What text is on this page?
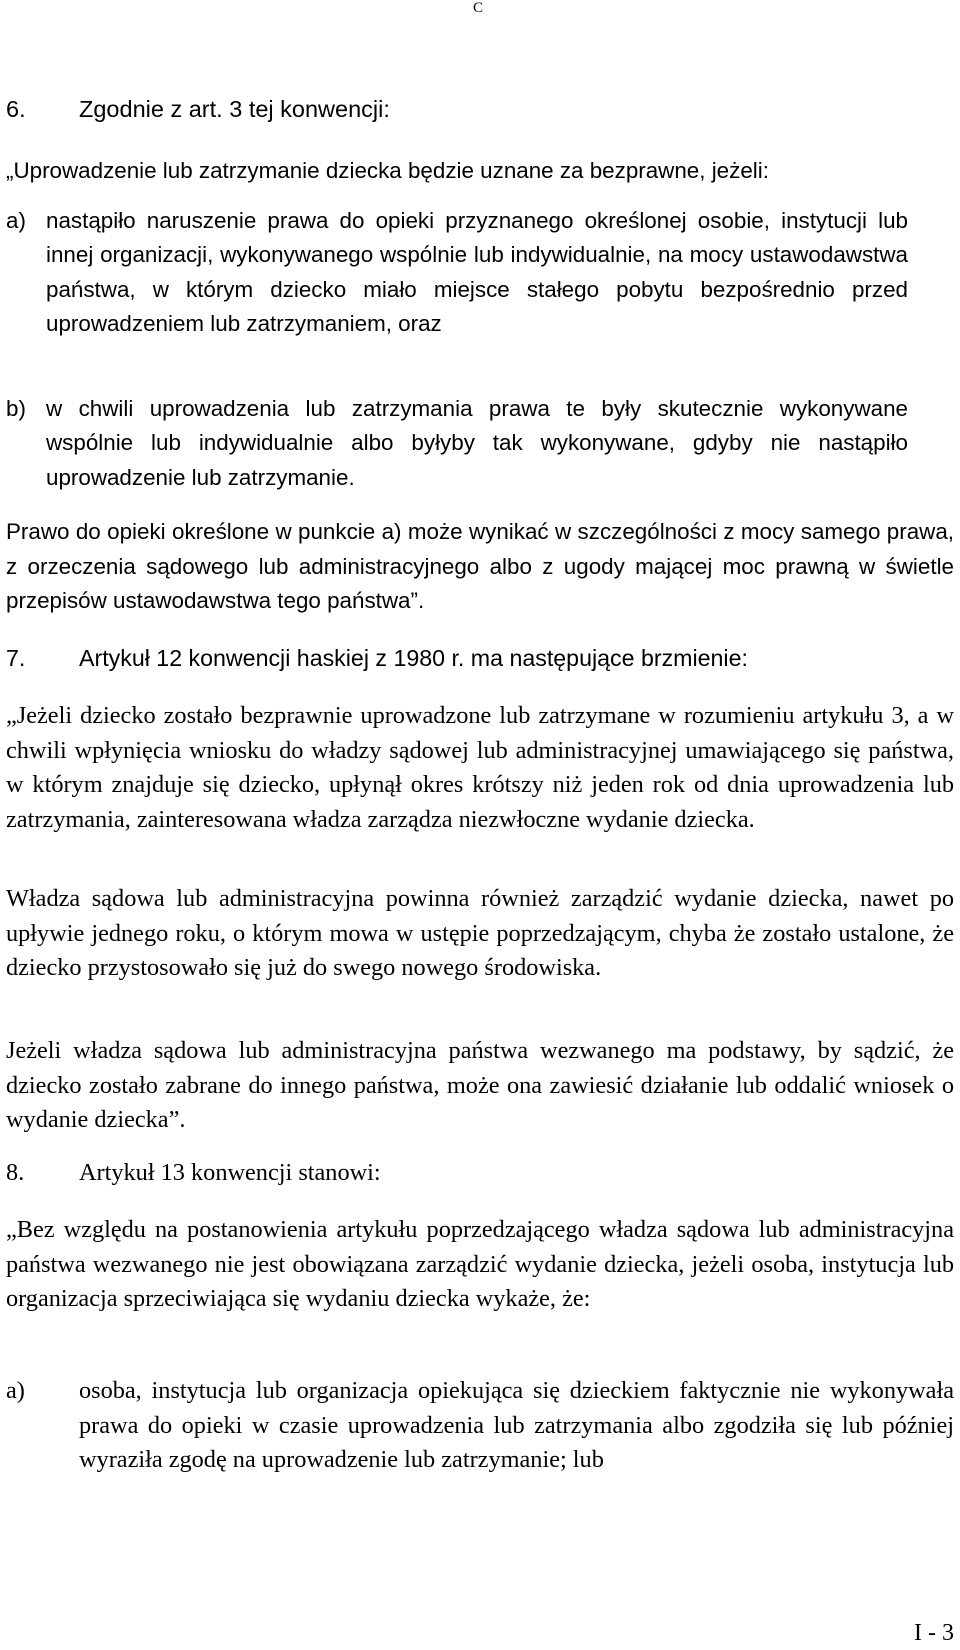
C
6. Zgodnie z art. 3 tej konwencji:
„Uprowadzenie lub zatrzymanie dziecka będzie uznane za bezprawne, jeżeli:
a) nastąpiło naruszenie prawa do opieki przyznanego określonej osobie, instytucji lub innej organizacji, wykonywanego wspólnie lub indywidualnie, na mocy ustawodawstwa państwa, w którym dziecko miało miejsce stałego pobytu bezpośrednio przed uprowadzeniem lub zatrzymaniem, oraz
b) w chwili uprowadzenia lub zatrzymania prawa te były skutecznie wykonywane wspólnie lub indywidualnie albo byłyby tak wykonywane, gdyby nie nastąpiło uprowadzenie lub zatrzymanie.
Prawo do opieki określone w punkcie a) może wynikać w szczególności z mocy samego prawa, z orzeczenia sądowego lub administracyjnego albo z ugody mającej moc prawną w świetle przepisów ustawodawstwa tego państwa”.
7. Artykuł 12 konwencji haskiej z 1980 r. ma następujące brzmienie:
„Jeżeli dziecko zostało bezprawnie uprowadzone lub zatrzymane w rozumieniu artykułu 3, a w chwili wpłynięcia wniosku do władzy sądowej lub administracyjnej umawiającego się państwa, w którym znajduje się dziecko, upłynął okres krótszy niż jeden rok od dnia uprowadzenia lub zatrzymania, zainteresowana władza zarządza niezwłoczne wydanie dziecka.
Władza sądowa lub administracyjna powinna również zarządzić wydanie dziecka, nawet po upływie jednego roku, o którym mowa w ustępie poprzedzającym, chyba że zostało ustalone, że dziecko przystosowało się już do swego nowego środowiska.
Jeżeli władza sądowa lub administracyjna państwa wezwanego ma podstawy, by sądzić, że dziecko zostało zabrane do innego państwa, może ona zawiesić działanie lub oddalić wniosek o wydanie dziecka”.
8. Artykuł 13 konwencji stanowi:
„Bez względu na postanowienia artykułu poprzedzającego władza sądowa lub administracyjna państwa wezwanego nie jest obowiązana zarządzić wydanie dziecka, jeżeli osoba, instytucja lub organizacja sprzeciwiająca się wydaniu dziecka wykaże, że:
a)	osoba, instytucja lub organizacja opiekująca się dzieckiem faktycznie nie wykonywała prawa do opieki w czasie uprowadzenia lub zatrzymania albo zgodziła się lub później wyraziła zgodę na uprowadzenie lub zatrzymanie; lub
I - 3
